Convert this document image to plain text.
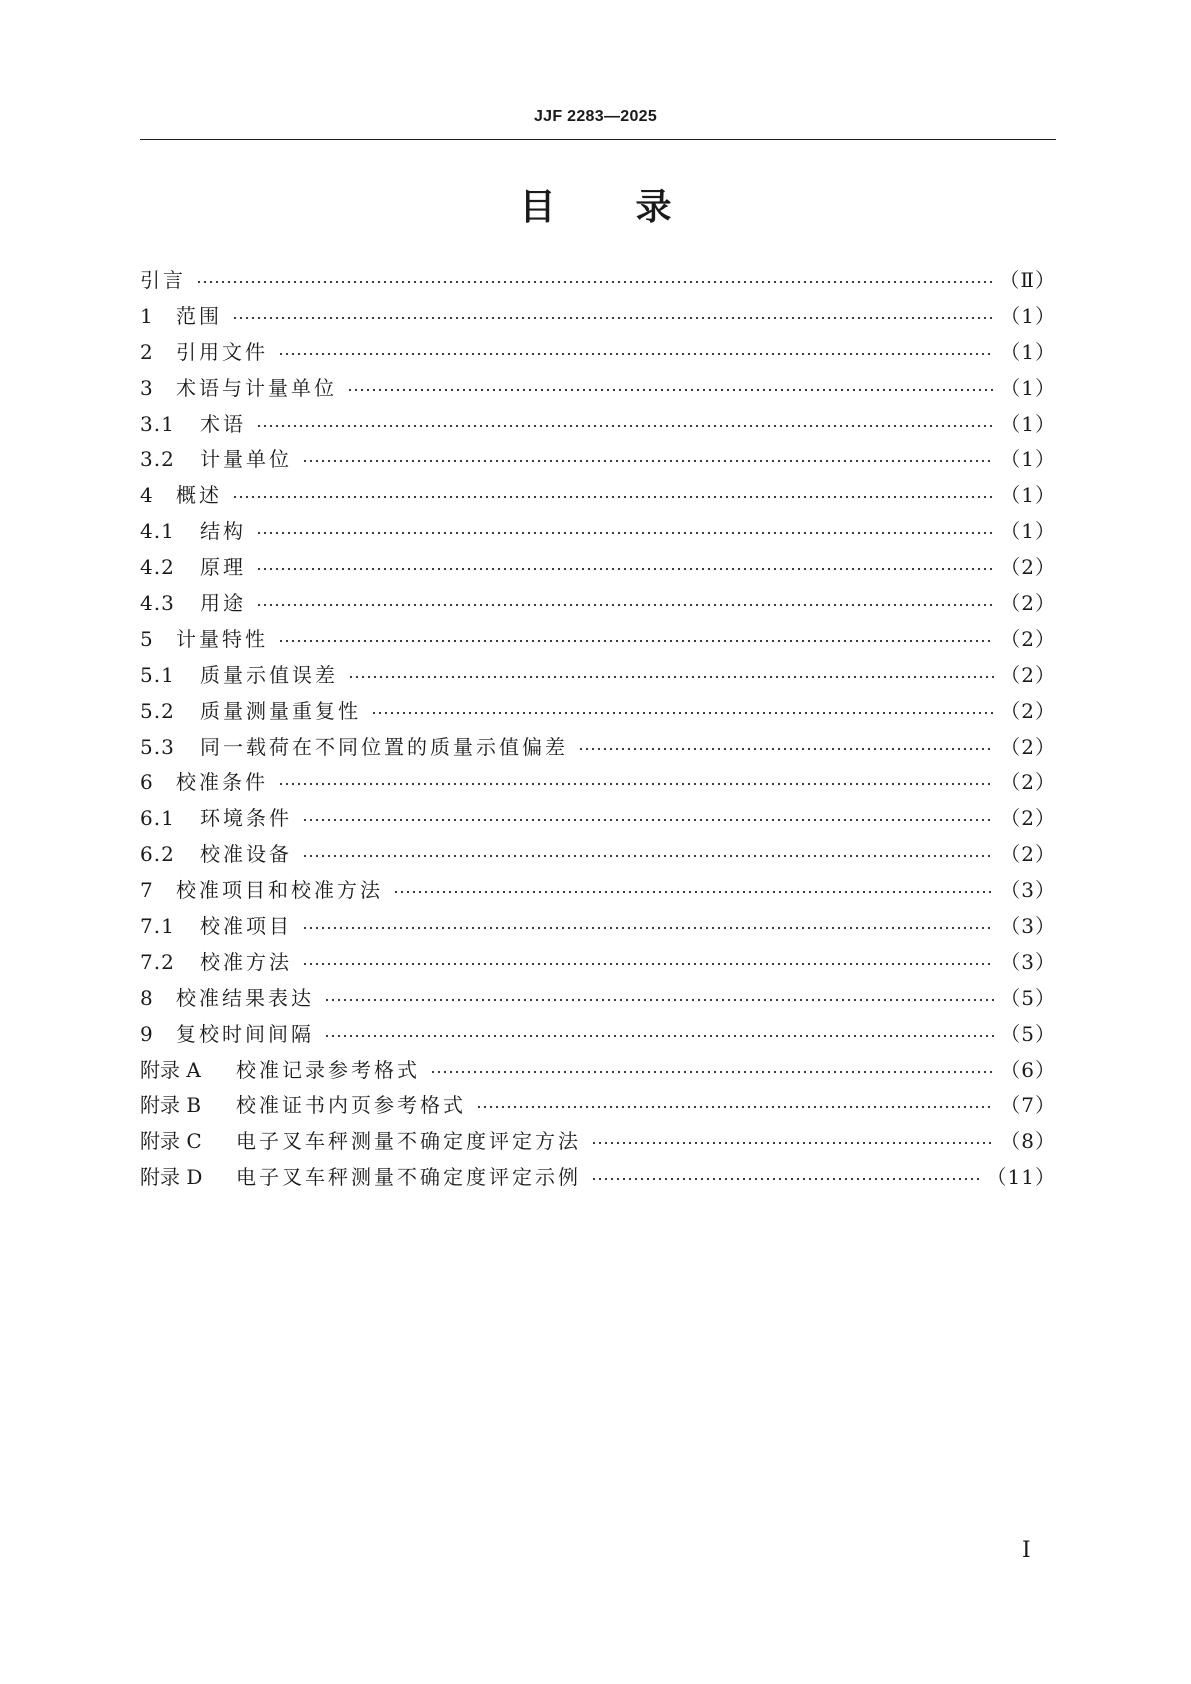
JJF 2283—2025
目 录
引言	（Ⅱ）
1	范围	（1）
2	引用文件	（1）
3	术语与计量单位	（1）
3.1	术语	（1）
3.2	计量单位	（1）
4	概述	（1）
4.1	结构	（1）
4.2	原理	（2）
4.3	用途	（2）
5	计量特性	（2）
5.1	质量示值误差	（2）
5.2	质量测量重复性	（2）
5.3	同一载荷在不同位置的质量示值偏差	（2）
6	校准条件	（2）
6.1	环境条件	（2）
6.2	校准设备	（2）
7	校准项目和校准方法	（3）
7.1	校准项目	（3）
7.2	校准方法	（3）
8	校准结果表达	（5）
9	复校时间间隔	（5）
附录 A	校准记录参考格式	（6）
附录 B	校准证书内页参考格式	（7）
附录 C	电子叉车秤测量不确定度评定方法	（8）
附录 D	电子叉车秤测量不确定度评定示例	（11）
Ⅰ
